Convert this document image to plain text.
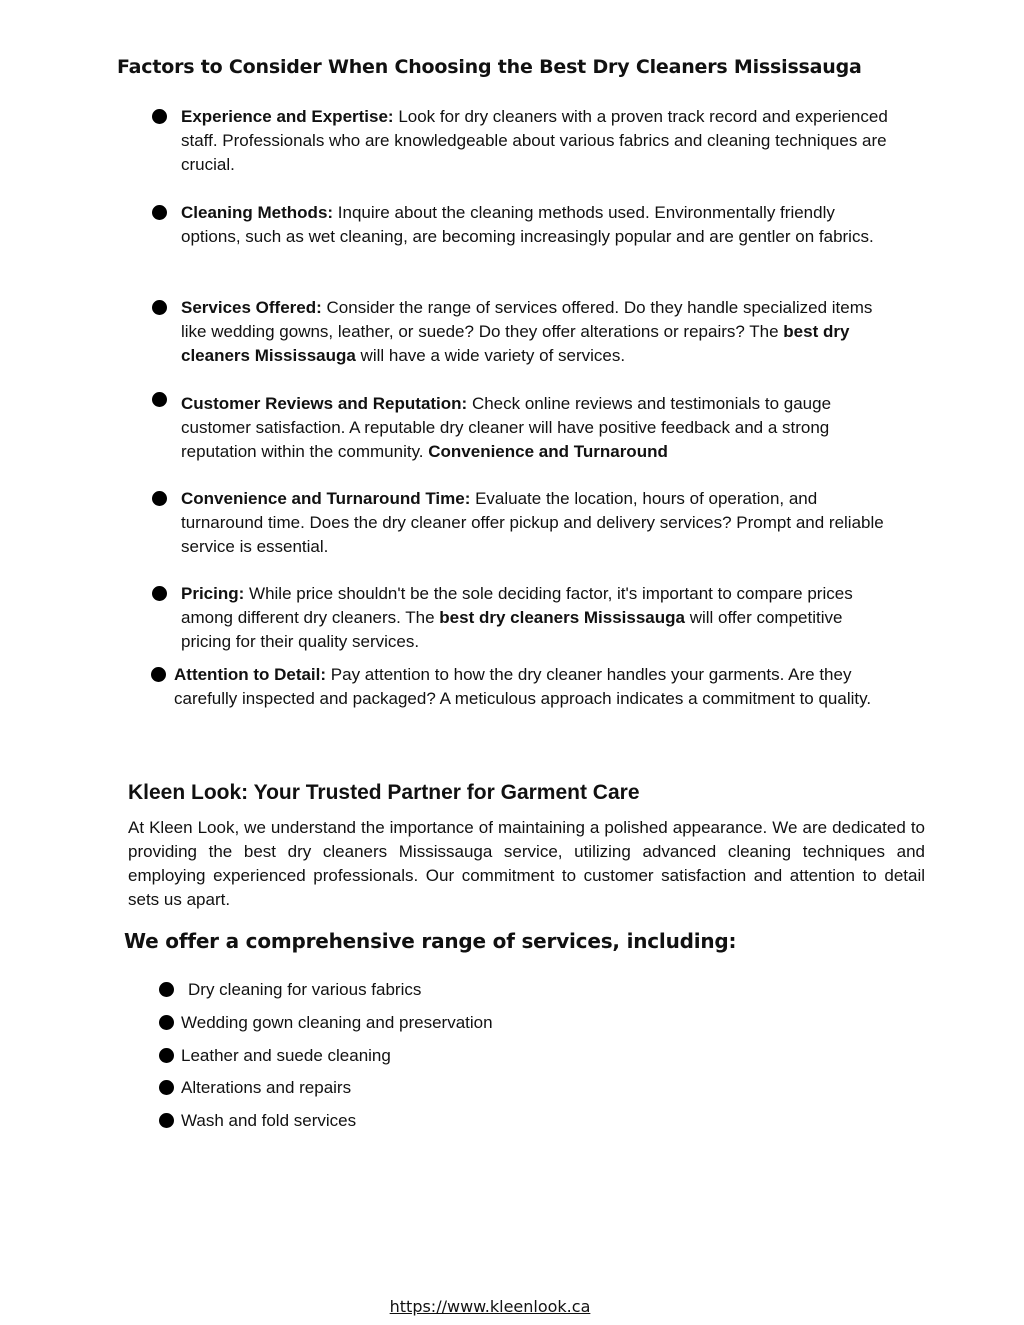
Factors to Consider When Choosing the Best Dry Cleaners Mississauga
Experience and Expertise: Look for dry cleaners with a proven track record and experienced staff. Professionals who are knowledgeable about various fabrics and cleaning techniques are crucial.
Cleaning Methods: Inquire about the cleaning methods used. Environmentally friendly options, such as wet cleaning, are becoming increasingly popular and are gentler on fabrics.
Services Offered: Consider the range of services offered. Do they handle specialized items like wedding gowns, leather, or suede? Do they offer alterations or repairs? The best dry cleaners Mississauga will have a wide variety of services.
Customer Reviews and Reputation: Check online reviews and testimonials to gauge customer satisfaction. A reputable dry cleaner will have positive feedback and a strong reputation within the community. Convenience and Turnaround
Convenience and Turnaround Time: Evaluate the location, hours of operation, and turnaround time. Does the dry cleaner offer pickup and delivery services? Prompt and reliable service is essential.
Pricing: While price shouldn't be the sole deciding factor, it's important to compare prices among different dry cleaners. The best dry cleaners Mississauga will offer competitive pricing for their quality services.
Attention to Detail: Pay attention to how the dry cleaner handles your garments. Are they carefully inspected and packaged? A meticulous approach indicates a commitment to quality.
Kleen Look: Your Trusted Partner for Garment Care
At Kleen Look, we understand the importance of maintaining a polished appearance. We are dedicated to providing the best dry cleaners Mississauga service, utilizing advanced cleaning techniques and employing experienced professionals. Our commitment to customer satisfaction and attention to detail sets us apart.
We offer a comprehensive range of services, including:
Dry cleaning for various fabrics
Wedding gown cleaning and preservation
Leather and suede cleaning
Alterations and repairs
Wash and fold services
https://www.kleenlook.ca
